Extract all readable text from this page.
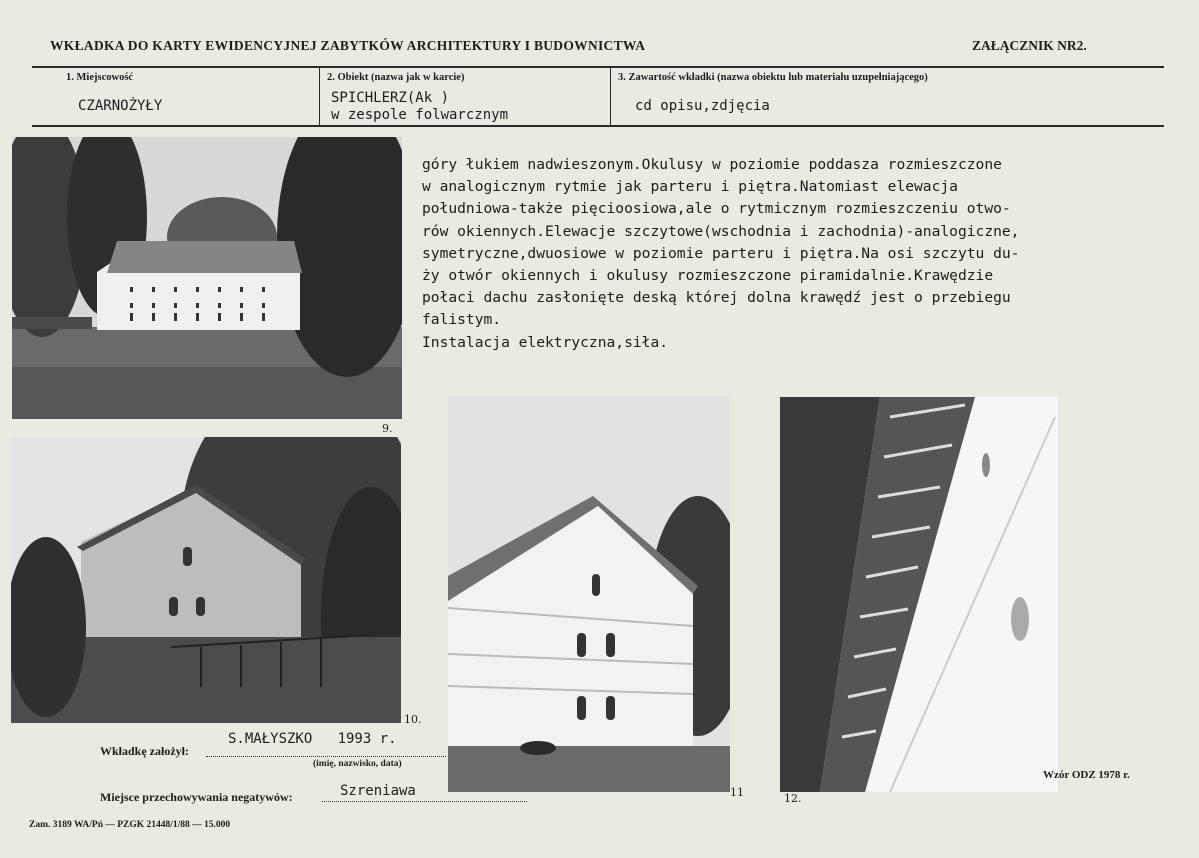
WKŁADKA DO KARTY EWIDENCYJNEJ ZABYTKÓW ARCHITEKTURY I BUDOWNICTWA	ZAŁĄCZNIK NR2.
1. Miejscowość
CZARNOŻYŁY
2. Obiekt (nazwa jak w karcie)
SPICHLERZ(Ak )
w zespole folwarcznym
3. Zawartość wkładki (nazwa obiektu lub materiału uzupełniającego)
cd opisu,zdjęcia
9.
10.
11	12.
góry łukiem nadwieszonym.Okulusy w poziomie poddasza rozmieszczone
w analogicznym rytmie jak parteru i piętra.Natomiast elewacja
południowa-także pięcioosiowa,ale o rytmicznym rozmieszczeniu otwo-
rów okiennych.Elewacje szczytowe(wschodnia i zachodnia)-analogiczne,
symetryczne,dwuosiowe w poziomie parteru i piętra.Na osi szczytu du-
ży otwór okiennych i okulusy rozmieszczone piramidalnie.Krawędzie
połaci dachu zasłonięte deską której dolna krawędź jest o przebiegu
falistym.
Instalacja elektryczna,siła.
Wkładkę założył:
S.MAŁYSZKO   1993 r.
(imię, nazwisko, data)
Miejsce przechowywania negatywów:	Szreniawa
Wzór ODZ 1978 r.
Zam. 3189 WA/Pń — PZGK 21448/1/88 — 15.000
